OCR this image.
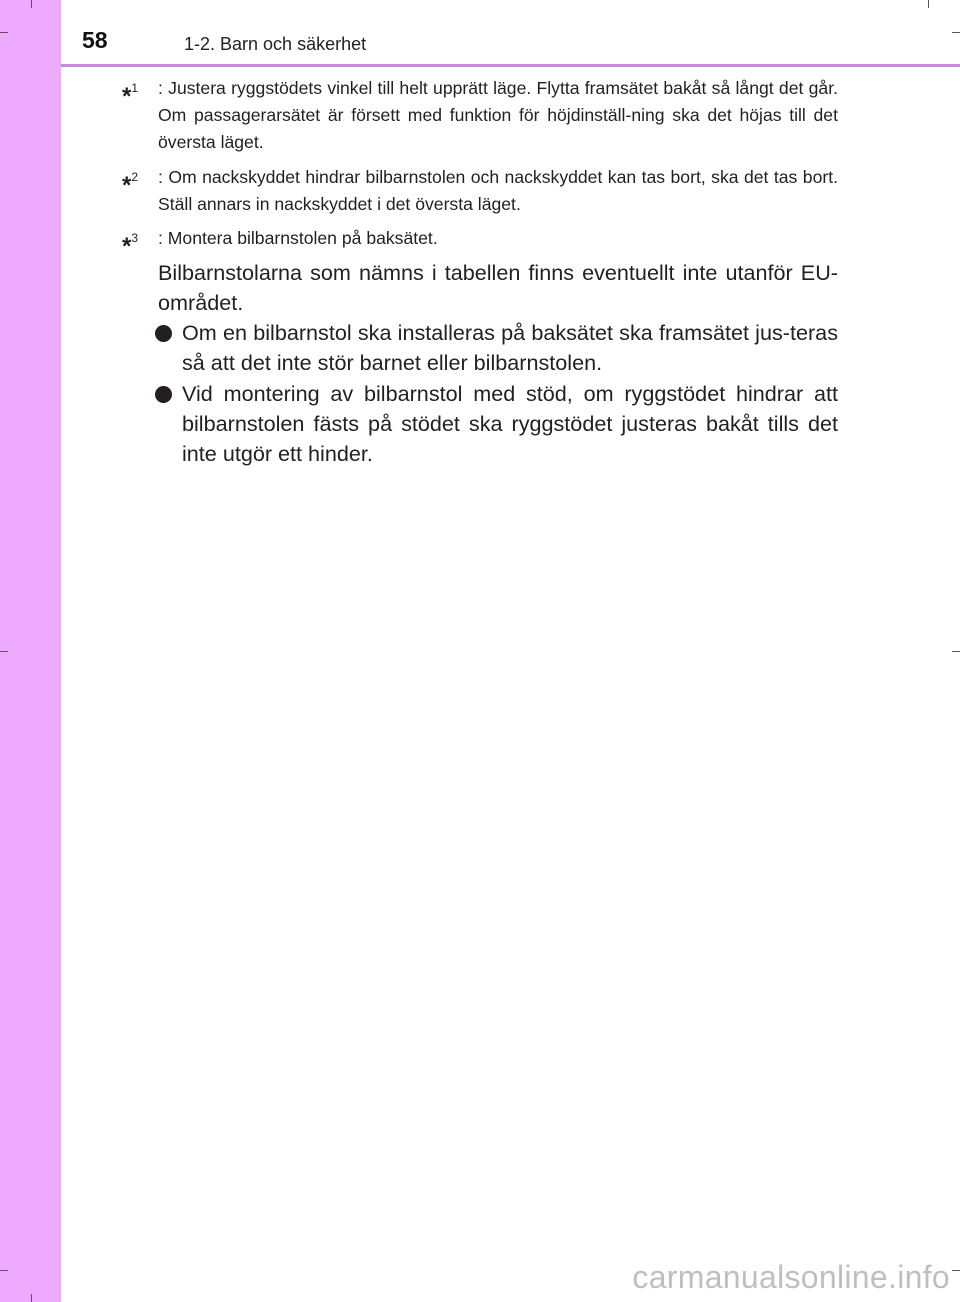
58	1-2. Barn och säkerhet
*$^1$ : Justera ryggstödets vinkel till helt upprätt läge. Flytta framsätet bakåt så långt det går. Om passagerarsätet är försett med funktion för höjdinställ-ning ska det höjas till det översta läget.
*$^2$ : Om nackskyddet hindrar bilbarnstolen och nackskyddet kan tas bort, ska det tas bort. Ställ annars in nackskyddet i det översta läget.
*$^3$ : Montera bilbarnstolen på baksätet.
Bilbarnstolarna som nämns i tabellen finns eventuellt inte utanför EU-området.
Om en bilbarnstol ska installeras på baksätet ska framsätet jus-teras så att det inte stör barnet eller bilbarnstolen.
Vid montering av bilbarnstol med stöd, om ryggstödet hindrar att bilbarnstolen fästs på stödet ska ryggstödet justeras bakåt tills det inte utgör ett hinder.
carmanualsonline.info
